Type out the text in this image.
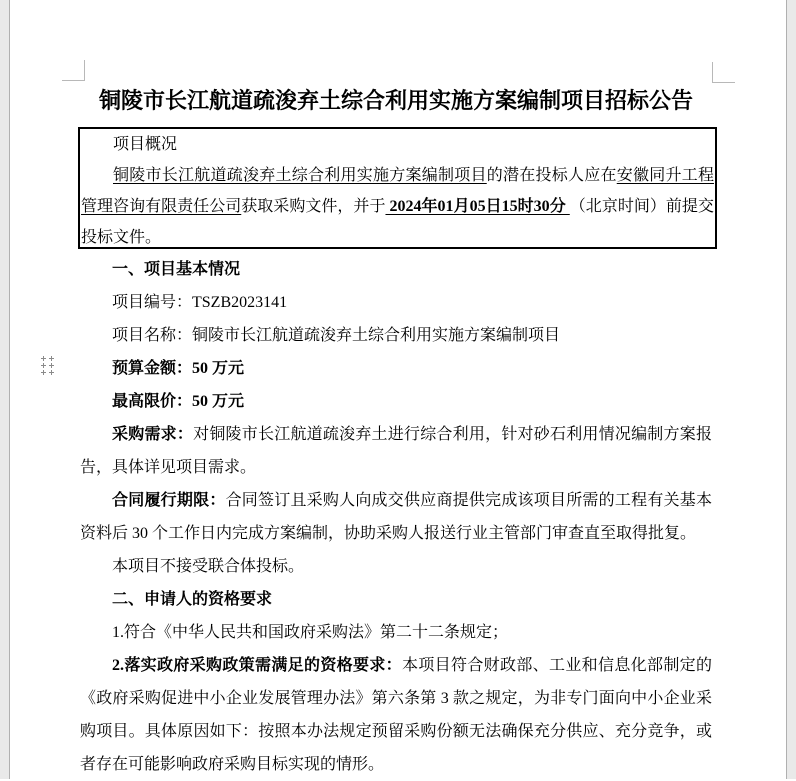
铜陵市长江航道疏浚弃土综合利用实施方案编制项目招标公告

项目概况

铜陵市长江航道疏浚弃土综合利用实施方案编制项目的潜在投标人应在安徽同升工程管理咨询有限责任公司获取采购文件，并于 2024年01月05日15时30分 （北京时间）前提交投标文件。

一、项目基本情况

项目编号：TSZB2023141

项目名称：铜陵市长江航道疏浚弃土综合利用实施方案编制项目

预算金额：50 万元

最高限价：50 万元

采购需求：对铜陵市长江航道疏浚弃土进行综合利用，针对砂石利用情况编制方案报告，具体详见项目需求。

合同履行期限：合同签订且采购人向成交供应商提供完成该项目所需的工程有关基本资料后 30 个工作日内完成方案编制，协助采购人报送行业主管部门审查直至取得批复。

本项目不接受联合体投标。

二、申请人的资格要求

1.符合《中华人民共和国政府采购法》第二十二条规定；

2.落实政府采购政策需满足的资格要求：本项目符合财政部、工业和信息化部制定的《政府采购促进中小企业发展管理办法》第六条第 3 款之规定，为非专门面向中小企业采购项目。具体原因如下：按照本办法规定预留采购份额无法确保充分供应、充分竞争，或者存在可能影响政府采购目标实现的情形。
